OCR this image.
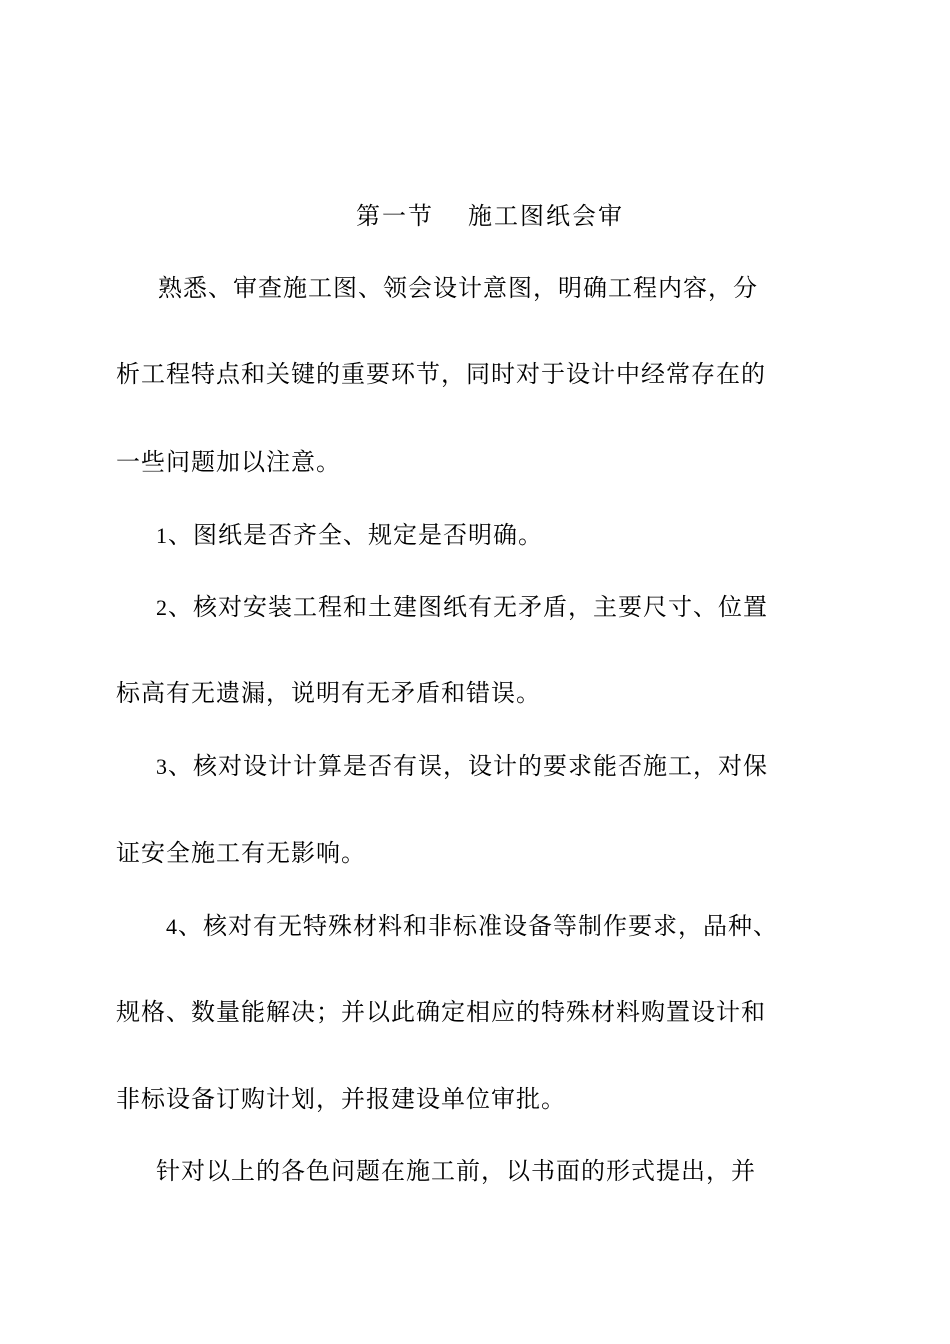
第一节 施工图纸会审
熟悉、审查施工图、领会设计意图，明确工程内容，分
析工程特点和关键的重要环节，同时对于设计中经常存在的
一些问题加以注意。
1、图纸是否齐全、规定是否明确。
2、核对安装工程和土建图纸有无矛盾，主要尺寸、位置
标高有无遗漏，说明有无矛盾和错误。
3、核对设计计算是否有误，设计的要求能否施工，对保
证安全施工有无影响。
4、核对有无特殊材料和非标准设备等制作要求，品种、
规格、数量能解决；并以此确定相应的特殊材料购置设计和
非标设备订购计划，并报建设单位审批。
针对以上的各色问题在施工前，以书面的形式提出，并
